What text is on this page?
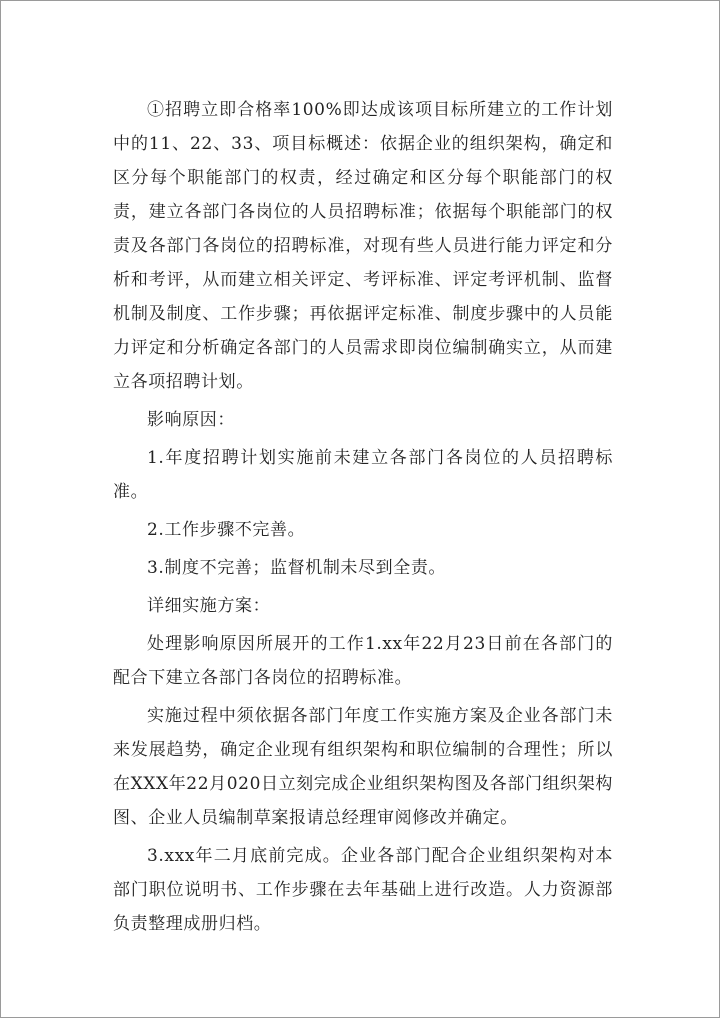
①招聘立即合格率100%即达成该项目标所建立的工作计划中的11、22、33、项目标概述：依据企业的组织架构，确定和区分每个职能部门的权责，经过确定和区分每个职能部门的权责，建立各部门各岗位的人员招聘标准；依据每个职能部门的权责及各部门各岗位的招聘标准，对现有些人员进行能力评定和分析和考评，从而建立相关评定、考评标准、评定考评机制、监督机制及制度、工作步骤；再依据评定标准、制度步骤中的人员能力评定和分析确定各部门的人员需求即岗位编制确实立，从而建立各项招聘计划。

影响原因：

1.年度招聘计划实施前未建立各部门各岗位的人员招聘标准。

2.工作步骤不完善。

3.制度不完善；监督机制未尽到全责。

详细实施方案：

处理影响原因所展开的工作1.xx年22月23日前在各部门的配合下建立各部门各岗位的招聘标准。

实施过程中须依据各部门年度工作实施方案及企业各部门未来发展趋势，确定企业现有组织架构和职位编制的合理性；所以在XXX年22月020日立刻完成企业组织架构图及各部门组织架构图、企业人员编制草案报请总经理审阅修改并确定。

3.xxx年二月底前完成。企业各部门配合企业组织架构对本部门职位说明书、工作步骤在去年基础上进行改造。人力资源部负责整理成册归档。
